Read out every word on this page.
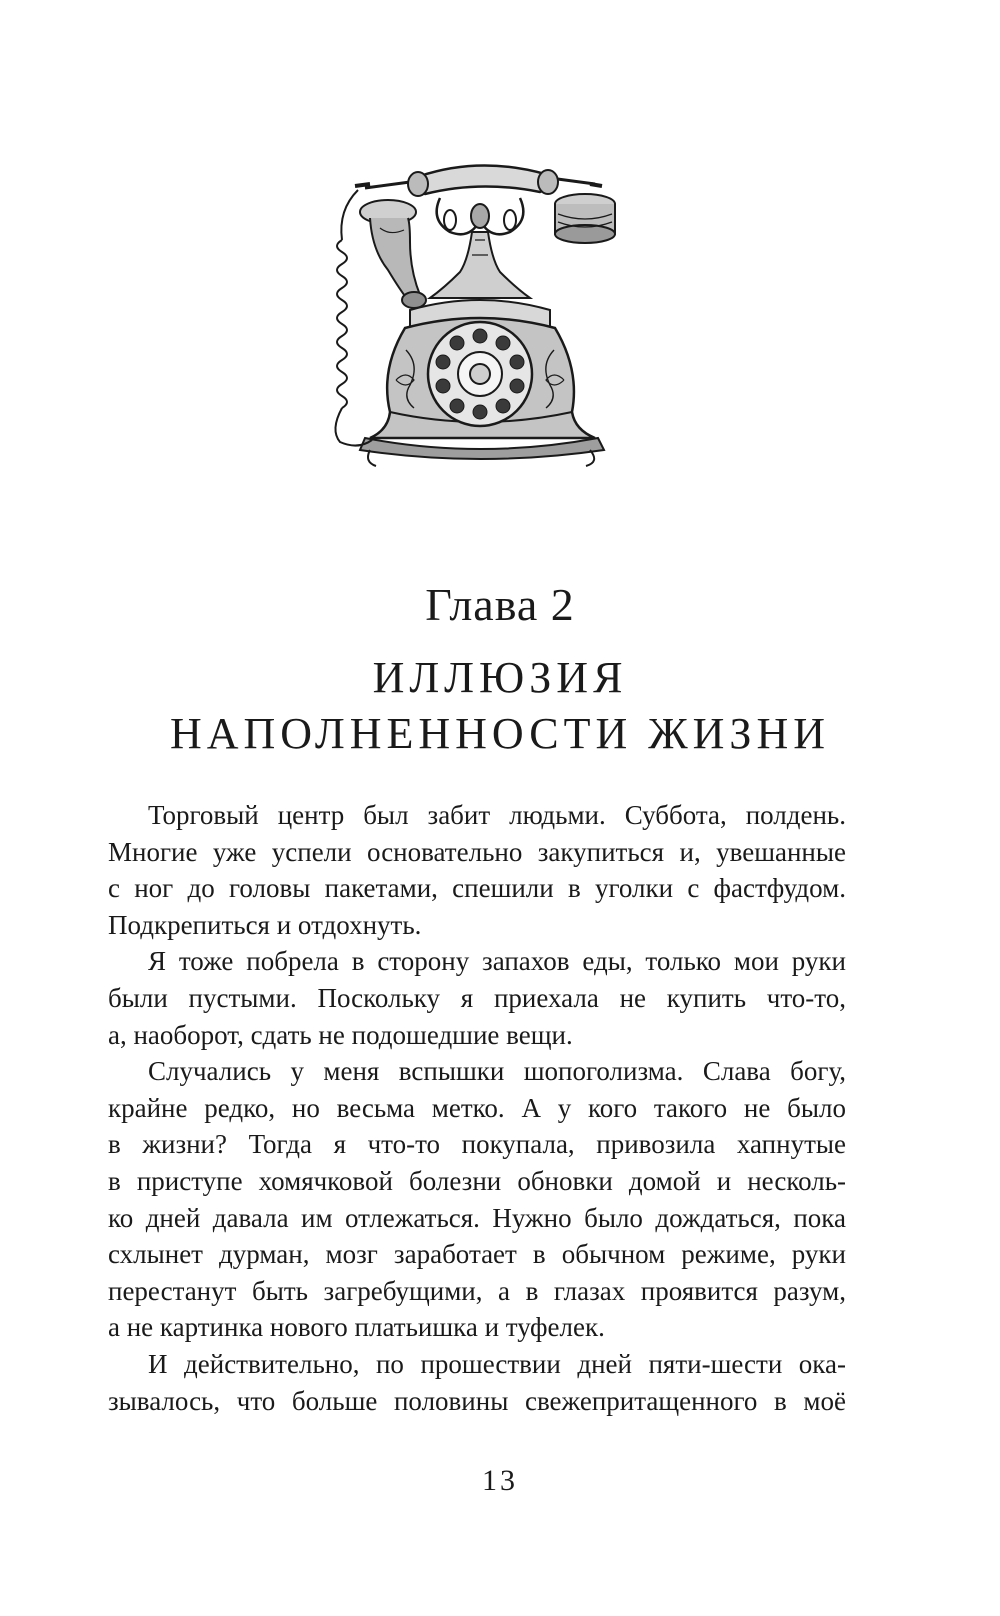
Глава 2
ИЛЛЮЗИЯ
НАПОЛНЕННОСТИ ЖИЗНИ
Торговый центр был забит людьми. Суббота, полдень.
Многие уже успели основательно закупиться и, увешанные
с ног до головы пакетами, спешили в уголки с фастфудом.
Подкрепиться и отдохнуть.
Я тоже побрела в сторону запахов еды, только мои руки
были пустыми. Поскольку я приехала не купить что-то,
а, наоборот, сдать не подошедшие вещи.
Случались у меня вспышки шопоголизма. Слава богу,
крайне редко, но весьма метко. А у кого такого не было
в жизни? Тогда я что-то покупала, привозила хапнутые
в приступе хомячковой болезни обновки домой и несколь-
ко дней давала им отлежаться. Нужно было дождаться, пока
схлынет дурман, мозг заработает в обычном режиме, руки
перестанут быть загребущими, а в глазах проявится разум,
а не картинка нового платьишка и туфелек.
И действительно, по прошествии дней пяти-шести ока-
зывалось, что больше половины свежепритащенного в моё
13
